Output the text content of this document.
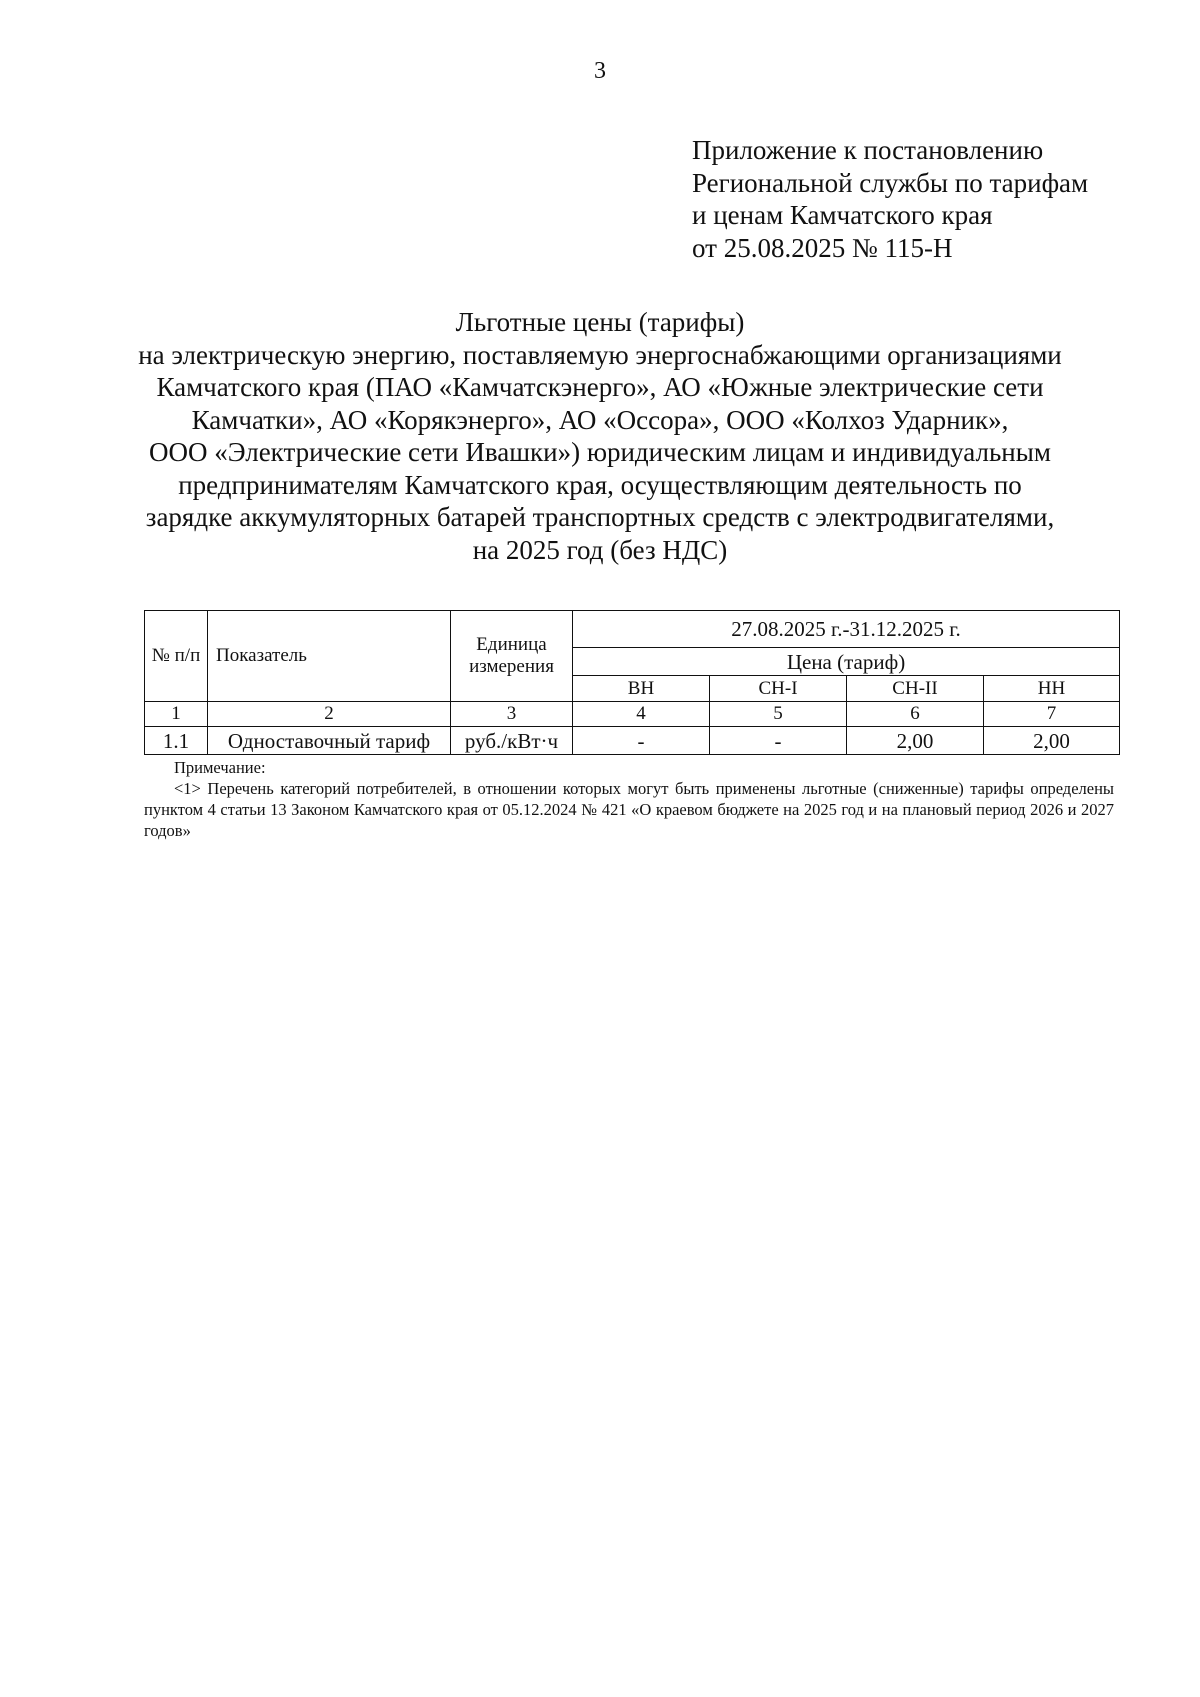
3
Приложение к постановлению
Региональной службы по тарифам
и ценам Камчатского края
от 25.08.2025 № 115-Н
Льготные цены (тарифы)
на электрическую энергию, поставляемую энергоснабжающими организациями
Камчатского края (ПАО «Камчатскэнерго», АО «Южные электрические сети
Камчатки», АО «Корякэнерго», АО «Оссора», ООО «Колхоз Ударник»,
ООО «Электрические сети Ивашки») юридическим лицам и индивидуальным
предпринимателям Камчатского края, осуществляющим деятельность по
зарядке аккумуляторных батарей транспортных средств с электродвигателями,
на 2025 год (без НДС)
№ п/п	Показатель	Единица измерения	27.08.2025 г.-31.12.2025 г.			
			Цена (тариф)			
			ВН	СН-I	СН-II	НН
1	2	3	4	5	6	7
1.1	Одноставочный тариф	руб./кВт·ч	-	-	2,00	2,00
Примечание:
<1> Перечень категорий потребителей, в отношении которых могут быть применены льготные (сниженные) тарифы определены пунктом 4 статьи 13 Законом Камчатского края от 05.12.2024 № 421 «О краевом бюджете на 2025 год и на плановый период 2026 и 2027 годов»
